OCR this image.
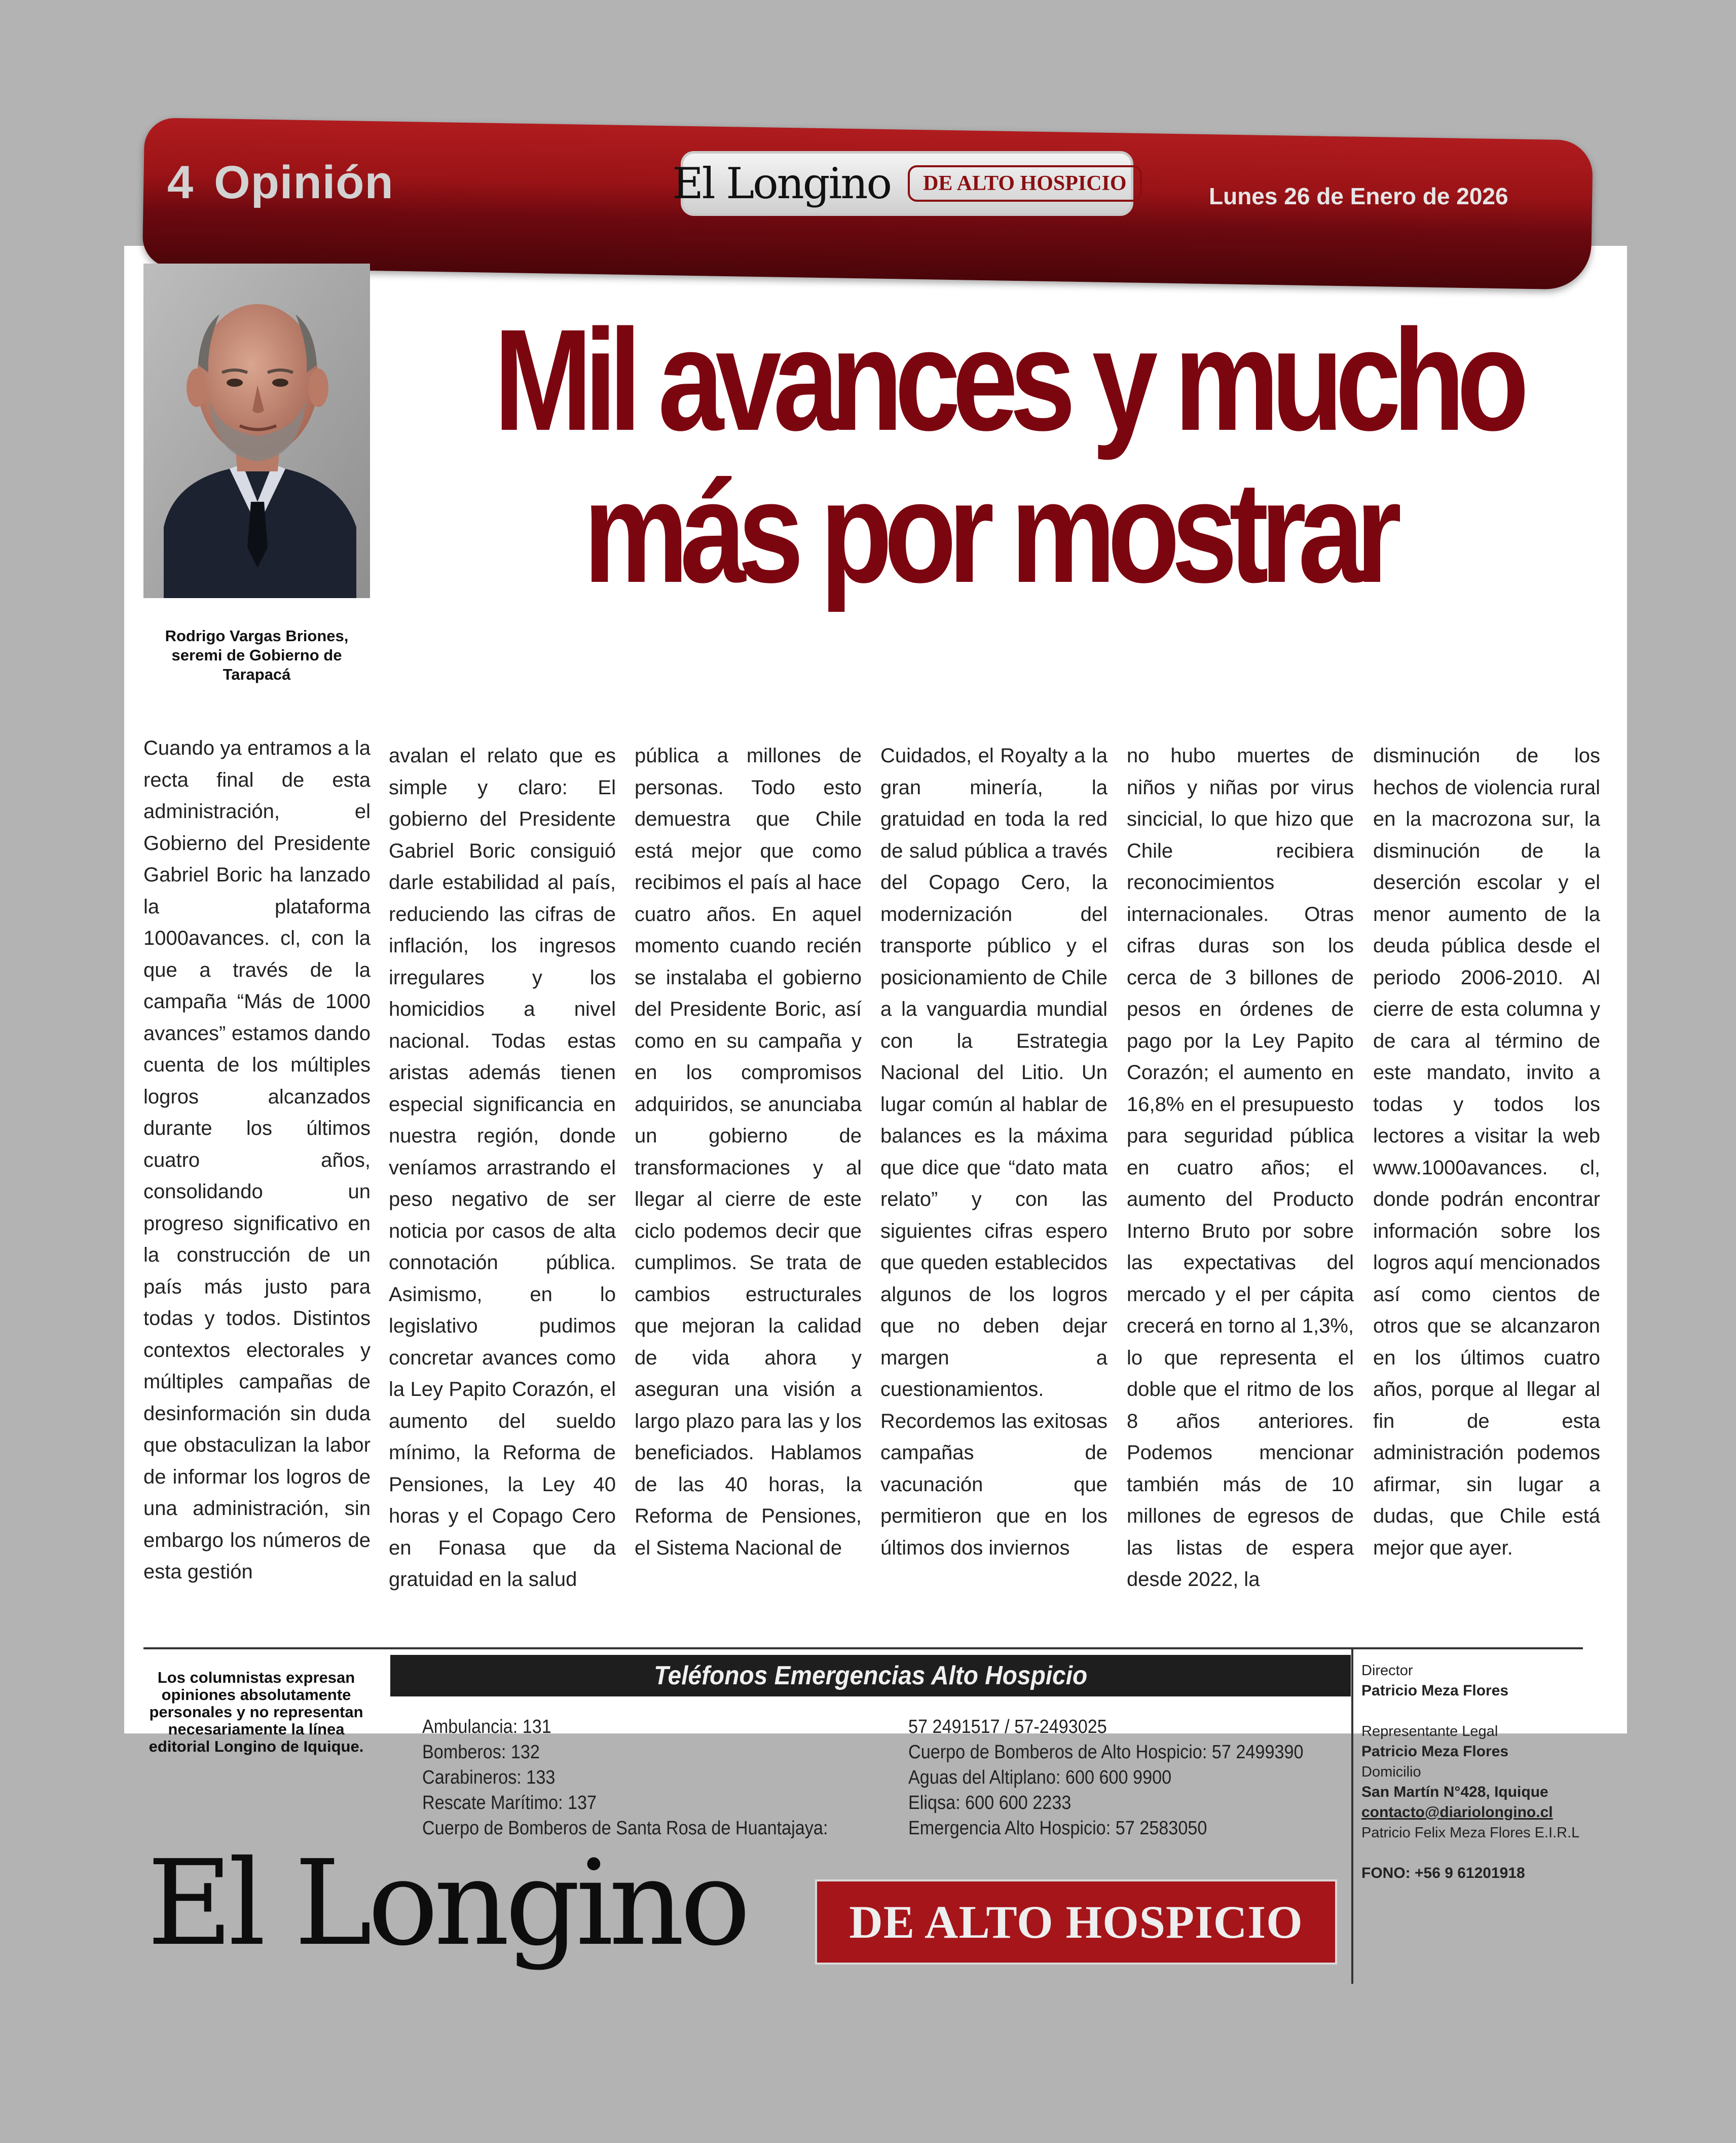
4 Opinión	El Longino	DE ALTO HOSPICIO	Lunes 26 de Enero de 2026
Rodrigo Vargas Briones,
seremi de Gobierno de
Tarapacá
Mil avances y mucho
más por mostrar

Cuando ya entramos a la recta final de esta administración, el Gobierno del Presidente Gabriel Boric ha lanzado la plataforma 1000avances. cl, con la que a través de la campaña “Más de 1000 avances” estamos dando cuenta de los múltiples logros alcanzados durante los últimos cuatro años, consolidando un progreso significativo en la construcción de un país más justo para todas y todos. Distintos contextos electorales y múltiples campañas de desinformación sin duda que obstaculizan la labor de informar los logros de una administración, sin embargo los números de esta gestión

avalan el relato que es simple y claro: El gobierno del Presidente Gabriel Boric consiguió darle estabilidad al país, reduciendo las cifras de inflación, los ingresos irregulares y los homicidios a nivel nacional. Todas estas aristas además tienen especial significancia en nuestra región, donde veníamos arrastrando el peso negativo de ser noticia por casos de alta connotación pública. Asimismo, en lo legislativo pudimos concretar avances como la Ley Papito Corazón, el aumento del sueldo mínimo, la Reforma de Pensiones, la Ley 40 horas y el Copago Cero en Fonasa que da gratuidad en la salud

pública a millones de personas. Todo esto demuestra que Chile está mejor que como recibimos el país al hace cuatro años. En aquel momento cuando recién se instalaba el gobierno del Presidente Boric, así como en su campaña y en los compromisos adquiridos, se anunciaba un gobierno de transformaciones y al llegar al cierre de este ciclo podemos decir que cumplimos. Se trata de cambios estructurales que mejoran la calidad de vida ahora y aseguran una visión a largo plazo para las y los beneficiados. Hablamos de las 40 horas, la Reforma de Pensiones, el Sistema Nacional de

Cuidados, el Royalty a la gran minería, la gratuidad en toda la red de salud pública a través del Copago Cero, la modernización del transporte público y el posicionamiento de Chile a la vanguardia mundial con la Estrategia Nacional del Litio. Un lugar común al hablar de balances es la máxima que dice que “dato mata relato” y con las siguientes cifras espero que queden establecidos algunos de los logros que no deben dejar margen a cuestionamientos. Recordemos las exitosas campañas de vacunación que permitieron que en los últimos dos inviernos

no hubo muertes de niños y niñas por virus sincicial, lo que hizo que Chile recibiera reconocimientos internacionales. Otras cifras duras son los cerca de 3 billones de pesos en órdenes de pago por la Ley Papito Corazón; el aumento en 16,8% en el presupuesto para seguridad pública en cuatro años; el aumento del Producto Interno Bruto por sobre las expectativas del mercado y el per cápita crecerá en torno al 1,3%, lo que representa el doble que el ritmo de los 8 años anteriores. Podemos mencionar también más de 10 millones de egresos de las listas de espera desde 2022, la

disminución de los hechos de violencia rural en la macrozona sur, la disminución de la deserción escolar y el menor aumento de la deuda pública desde el periodo 2006-2010. Al cierre de esta columna y de cara al término de este mandato, invito a todas y todos los lectores a visitar la web www.1000avances. cl, donde podrán encontrar información sobre los logros aquí mencionados así como cientos de otros que se alcanzaron en los últimos cuatro años, porque al llegar al fin de esta administración podemos afirmar, sin lugar a dudas, que Chile está mejor que ayer.

Los columnistas expresan opiniones absolutamente personales y no representan necesariamente la línea editorial Longino de Iquique.
Teléfonos Emergencias Alto Hospicio
Ambulancia: 131
Bomberos: 132
Carabineros: 133
Rescate Marítimo: 137
Cuerpo de Bomberos de Santa Rosa de Huantajaya:
57 2491517 / 57-2493025
Cuerpo de Bomberos de Alto Hospicio: 57 2499390
Aguas del Altiplano: 600 600 9900
Eliqsa: 600 600 2233
Emergencia Alto Hospicio: 57 2583050
El Longino	DE ALTO HOSPICIO
Director
Patricio Meza Flores
Representante Legal
Patricio Meza Flores
Domicilio
San Martín N°428, Iquique
contacto@diariolongino.cl
Patricio Felix Meza Flores E.I.R.L
FONO: +56 9 61201918
